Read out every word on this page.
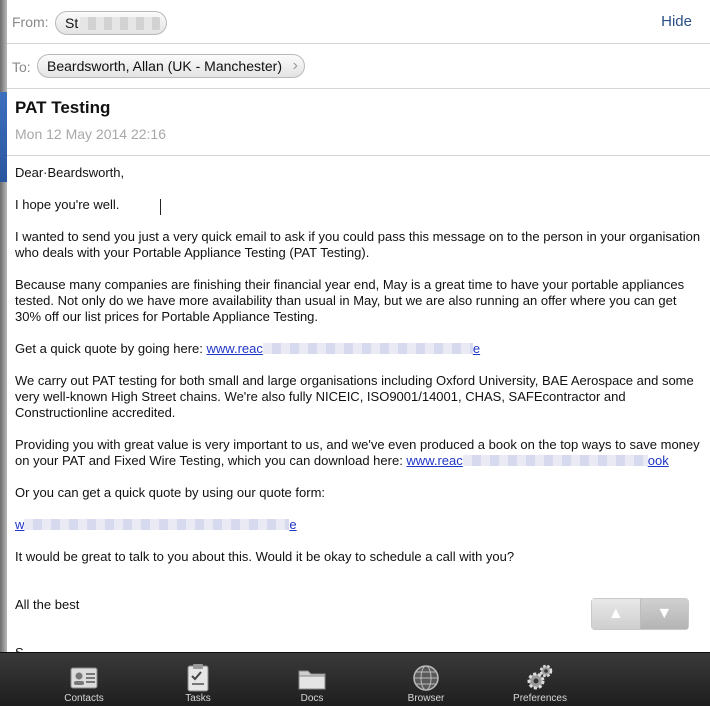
From:	St	Hide
To:	Beardsworth, Allan (UK - Manchester) ›
PAT Testing
Mon 12 May 2014 22:16

Dear·Beardsworth,

I hope you're well.

I wanted to send you just a very quick email to ask if you could pass this message on to the person in your organisation who deals with your Portable Appliance Testing (PAT Testing).

Because many companies are finishing their financial year end, May is a great time to have your portable appliances tested. Not only do we have more availability than usual in May, but we are also running an offer where you can get 30% off our list prices for Portable Appliance Testing.

Get a quick quote by going here: www.reac	e

We carry out PAT testing for both small and large organisations including Oxford University, BAE Aerospace and some very well-known High Street chains. We're also fully NICEIC, ISO9001/14001, CHAS, SAFEcontractor and Constructionline accredited.

Providing you with great value is very important to us, and we've even produced a book on the top ways to save money on your PAT and Fixed Wire Testing, which you can download here: www.reac	ook

Or you can get a quick quote by using our quote form:

w	e

It would be great to talk to you about this. Would it be okay to schedule a call with you?

All the best

▲ ▼
Contacts	Tasks	Docs	Browser	Preferences
